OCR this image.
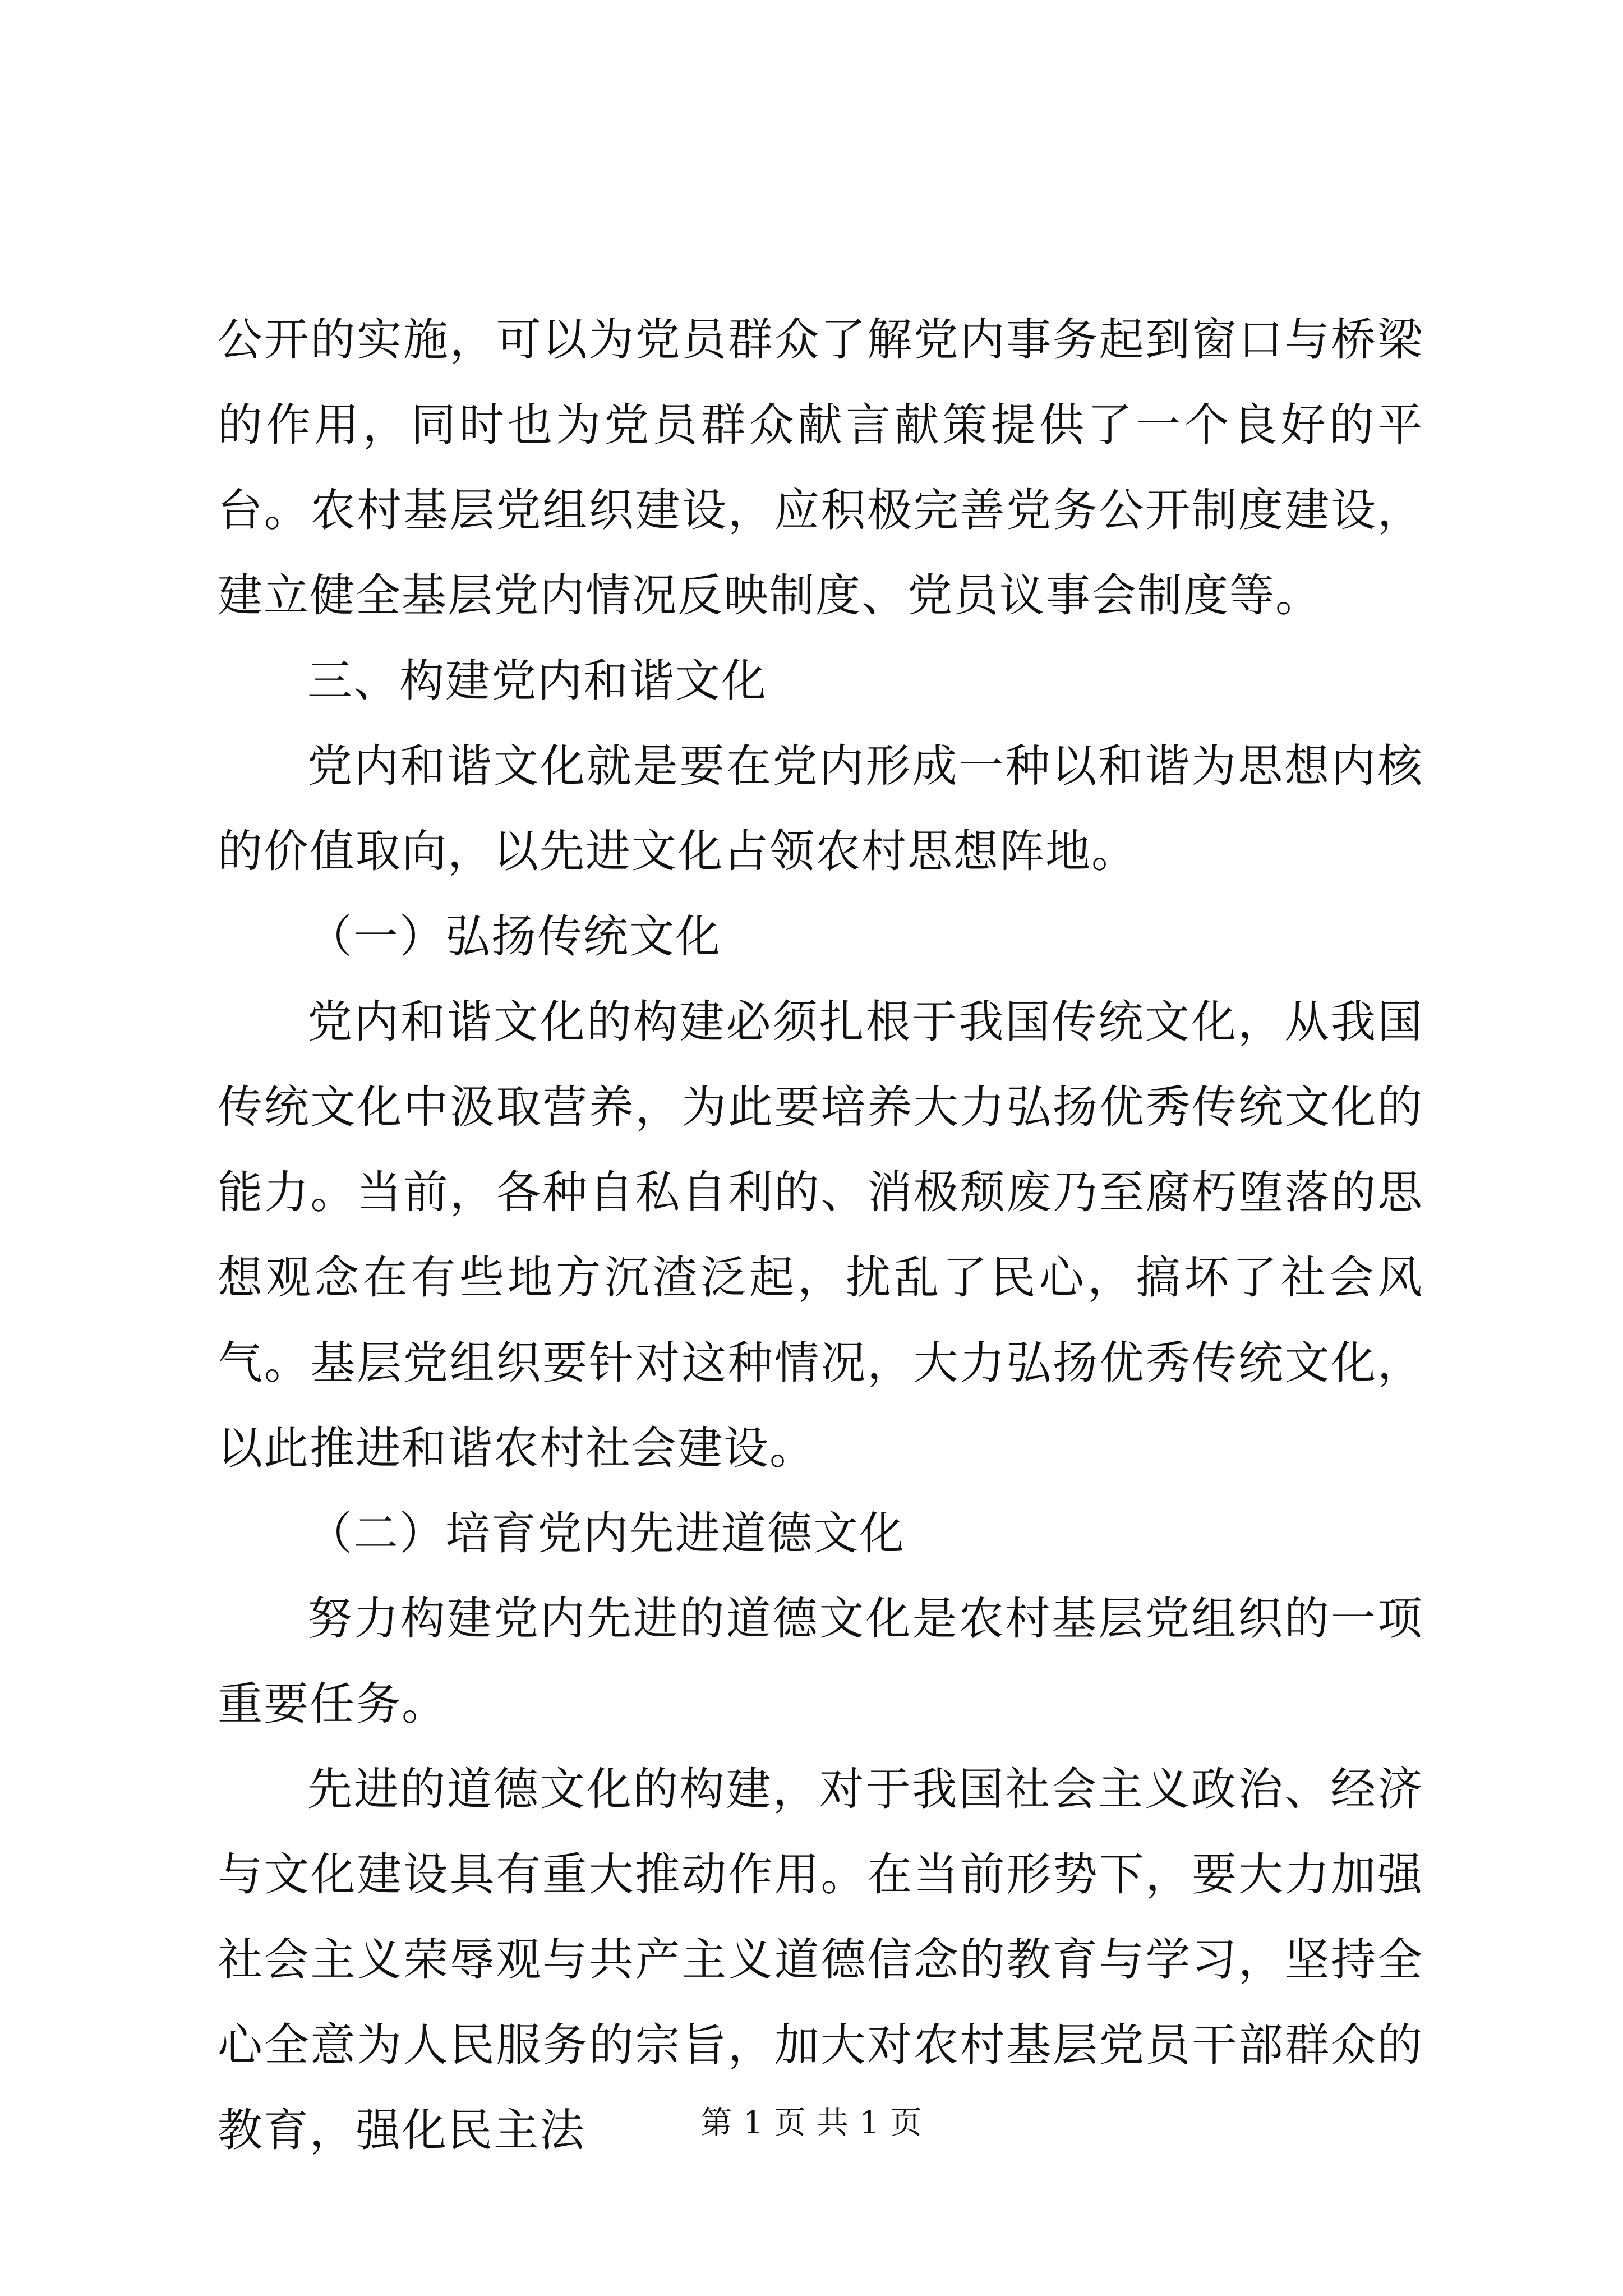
公开的实施，可以为党员群众了解党内事务起到窗口与桥梁的作用，同时也为党员群众献言献策提供了一个良好的平台。农村基层党组织建设，应积极完善党务公开制度建设，建立健全基层党内情况反映制度、党员议事会制度等。

三、构建党内和谐文化

党内和谐文化就是要在党内形成一种以和谐为思想内核的价值取向，以先进文化占领农村思想阵地。

（一）弘扬传统文化

党内和谐文化的构建必须扎根于我国传统文化，从我国传统文化中汲取营养，为此要培养大力弘扬优秀传统文化的能力。当前，各种自私自利的、消极颓废乃至腐朽堕落的思想观念在有些地方沉渣泛起，扰乱了民心，搞坏了社会风气。基层党组织要针对这种情况，大力弘扬优秀传统文化，以此推进和谐农村社会建设。

（二）培育党内先进道德文化

努力构建党内先进的道德文化是农村基层党组织的一项重要任务。

先进的道德文化的构建，对于我国社会主义政治、经济与文化建设具有重大推动作用。在当前形势下，要大力加强社会主义荣辱观与共产主义道德信念的教育与学习，坚持全心全意为人民服务的宗旨，加大对农村基层党员干部群众的教育，强化民主法	第 1 页 共 1 页
